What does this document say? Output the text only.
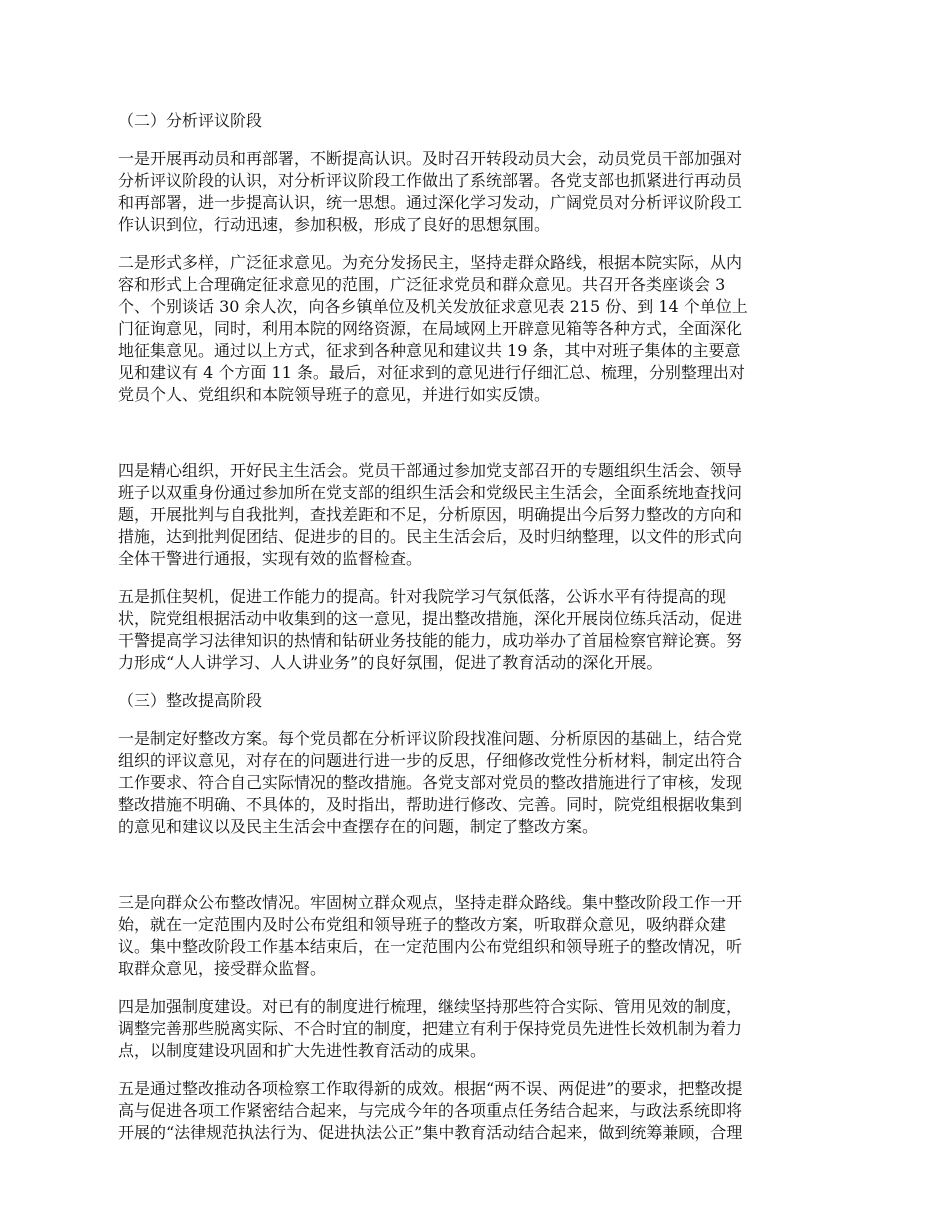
（二）分析评议阶段
一是开展再动员和再部署，不断提高认识。及时召开转段动员大会，动员党员干部加强对
分析评议阶段的认识，对分析评议阶段工作做出了系统部署。各党支部也抓紧进行再动员
和再部署，进一步提高认识，统一思想。通过深化学习发动，广阔党员对分析评议阶段工
作认识到位，行动迅速，参加积极，形成了良好的思想氛围。
二是形式多样，广泛征求意见。为充分发扬民主，坚持走群众路线，根据本院实际，从内
容和形式上合理确定征求意见的范围，广泛征求党员和群众意见。共召开各类座谈会 3
个、个别谈话 30 余人次，向各乡镇单位及机关发放征求意见表 215 份、到 14 个单位上
门征询意见，同时，利用本院的网络资源，在局域网上开辟意见箱等各种方式，全面深化
地征集意见。通过以上方式，征求到各种意见和建议共 19 条，其中对班子集体的主要意
见和建议有 4 个方面 11 条。最后，对征求到的意见进行仔细汇总、梳理，分别整理出对
党员个人、党组织和本院领导班子的意见，并进行如实反馈。
四是精心组织，开好民主生活会。党员干部通过参加党支部召开的专题组织生活会、领导
班子以双重身份通过参加所在党支部的组织生活会和党级民主生活会，全面系统地查找问
题，开展批判与自我批判，查找差距和不足，分析原因，明确提出今后努力整改的方向和
措施，达到批判促团结、促进步的目的。民主生活会后，及时归纳整理，以文件的形式向
全体干警进行通报，实现有效的监督检查。
五是抓住契机，促进工作能力的提高。针对我院学习气氛低落，公诉水平有待提高的现
状，院党组根据活动中收集到的这一意见，提出整改措施，深化开展岗位练兵活动，促进
干警提高学习法律知识的热情和钻研业务技能的能力，成功举办了首届检察官辩论赛。努
力形成“人人讲学习、人人讲业务”的良好氛围，促进了教育活动的深化开展。
（三）整改提高阶段
一是制定好整改方案。每个党员都在分析评议阶段找准问题、分析原因的基础上，结合党
组织的评议意见，对存在的问题进行进一步的反思，仔细修改党性分析材料，制定出符合
工作要求、符合自己实际情况的整改措施。各党支部对党员的整改措施进行了审核，发现
整改措施不明确、不具体的，及时指出，帮助进行修改、完善。同时，院党组根据收集到
的意见和建议以及民主生活会中查摆存在的问题，制定了整改方案。
三是向群众公布整改情况。牢固树立群众观点，坚持走群众路线。集中整改阶段工作一开
始，就在一定范围内及时公布党组和领导班子的整改方案，听取群众意见，吸纳群众建
议。集中整改阶段工作基本结束后，在一定范围内公布党组织和领导班子的整改情况，听
取群众意见，接受群众监督。
四是加强制度建设。对已有的制度进行梳理，继续坚持那些符合实际、管用见效的制度，
调整完善那些脱离实际、不合时宜的制度，把建立有利于保持党员先进性长效机制为着力
点，以制度建设巩固和扩大先进性教育活动的成果。
五是通过整改推动各项检察工作取得新的成效。根据“两不误、两促进”的要求，把整改提
高与促进各项工作紧密结合起来，与完成今年的各项重点任务结合起来，与政法系统即将
开展的“法律规范执法行为、促进执法公正”集中教育活动结合起来，做到统筹兼顾，合理
